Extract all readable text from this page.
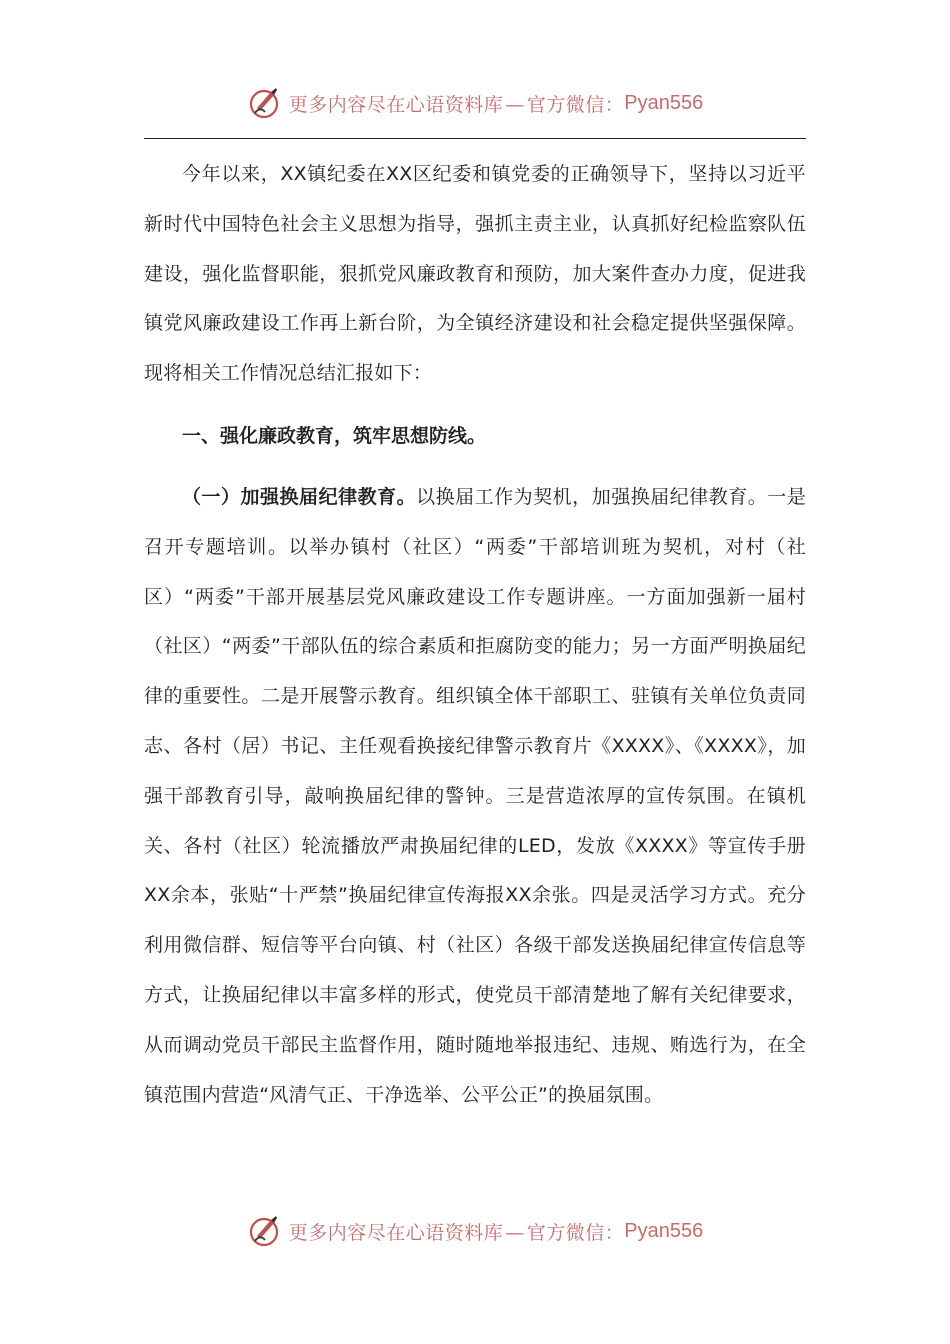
更多内容尽在心语资料库 — 官方微信： Pyan556

今年以来，XX镇纪委在XX区纪委和镇党委的正确领导下，坚持以习近平新时代中国特色社会主义思想为指导，强抓主责主业，认真抓好纪检监察队伍建设，强化监督职能，狠抓党风廉政教育和预防，加大案件查办力度，促进我镇党风廉政建设工作再上新台阶，为全镇经济建设和社会稳定提供坚强保障。现将相关工作情况总结汇报如下：

一、强化廉政教育，筑牢思想防线。

（一）加强换届纪律教育。以换届工作为契机，加强换届纪律教育。一是召开专题培训。以举办镇村（社区）“两委”干部培训班为契机，对村（社区）“两委”干部开展基层党风廉政建设工作专题讲座。一方面加强新一届村（社区）“两委”干部队伍的综合素质和拒腐防变的能力；另一方面严明换届纪律的重要性。二是开展警示教育。组织镇全体干部职工、驻镇有关单位负责同志、各村（居）书记、主任观看换接纪律警示教育片《XXXX》、《XXXX》，加强干部教育引导，敲响换届纪律的警钟。三是营造浓厚的宣传氛围。在镇机关、各村（社区）轮流播放严肃换届纪律的LED，发放《XXXX》等宣传手册XX余本，张贴“十严禁”换届纪律宣传海报XX余张。四是灵活学习方式。充分利用微信群、短信等平台向镇、村（社区）各级干部发送换届纪律宣传信息等方式，让换届纪律以丰富多样的形式，使党员干部清楚地了解有关纪律要求，从而调动党员干部民主监督作用，随时随地举报违纪、违规、贿选行为，在全镇范围内营造“风清气正、干净选举、公平公正”的换届氛围。

更多内容尽在心语资料库 — 官方微信： Pyan556
